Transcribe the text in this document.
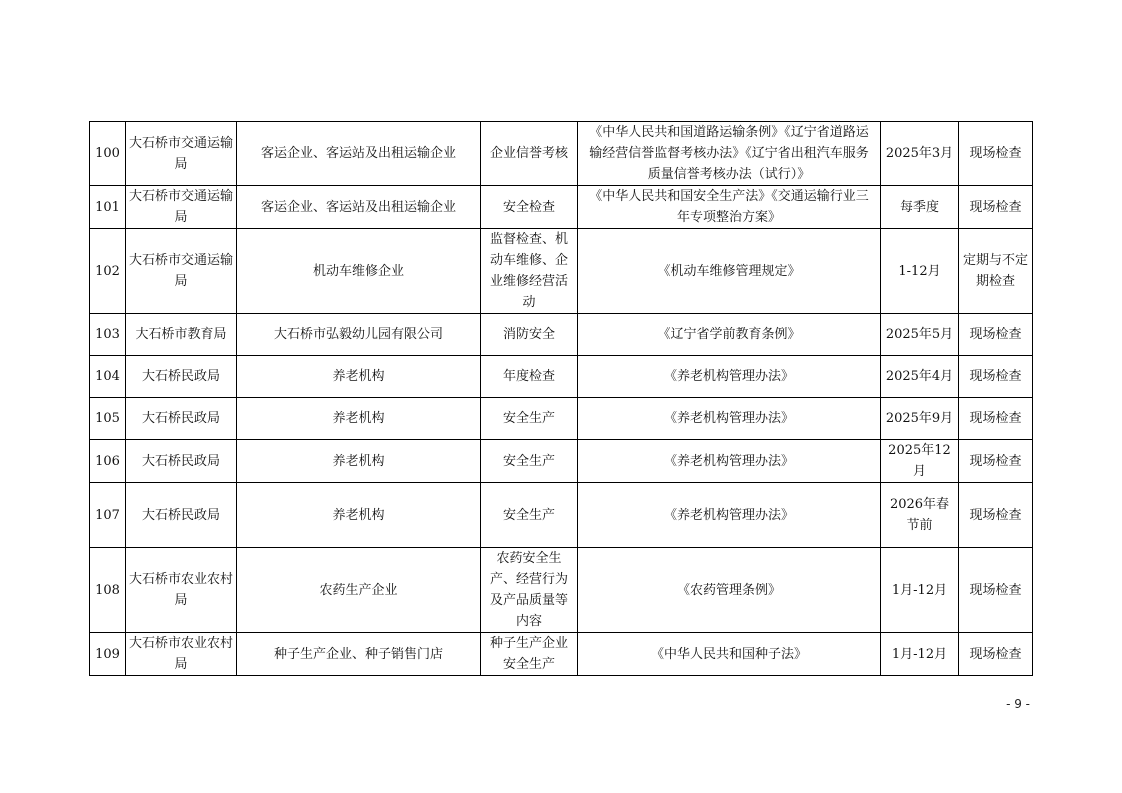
100	大石桥市交通运输局	客运企业、客运站及出租运输企业	企业信誉考核	《中华人民共和国道路运输条例》《辽宁省道路运输经营信誉监督考核办法》《辽宁省出租汽车服务质量信誉考核办法（试行）》	2025年3月	现场检查
101	大石桥市交通运输局	客运企业、客运站及出租运输企业	安全检查	《中华人民共和国安全生产法》《交通运输行业三年专项整治方案》	每季度	现场检查
102	大石桥市交通运输局	机动车维修企业	监督检查、机动车维修、企业维修经营活动	《机动车维修管理规定》	1-12月	定期与不定期检查
103	大石桥市教育局	大石桥市弘毅幼儿园有限公司	消防安全	《辽宁省学前教育条例》	2025年5月	现场检查
104	大石桥民政局	养老机构	年度检查	《养老机构管理办法》	2025年4月	现场检查
105	大石桥民政局	养老机构	安全生产	《养老机构管理办法》	2025年9月	现场检查
106	大石桥民政局	养老机构	安全生产	《养老机构管理办法》	2025年12月	现场检查
107	大石桥民政局	养老机构	安全生产	《养老机构管理办法》	2026年春节前	现场检查
108	大石桥市农业农村局	农药生产企业	农药安全生产、经营行为及产品质量等内容	《农药管理条例》	1月-12月	现场检查
109	大石桥市农业农村局	种子生产企业、种子销售门店	种子生产企业安全生产	《中华人民共和国种子法》	1月-12月	现场检查
- 9 -
